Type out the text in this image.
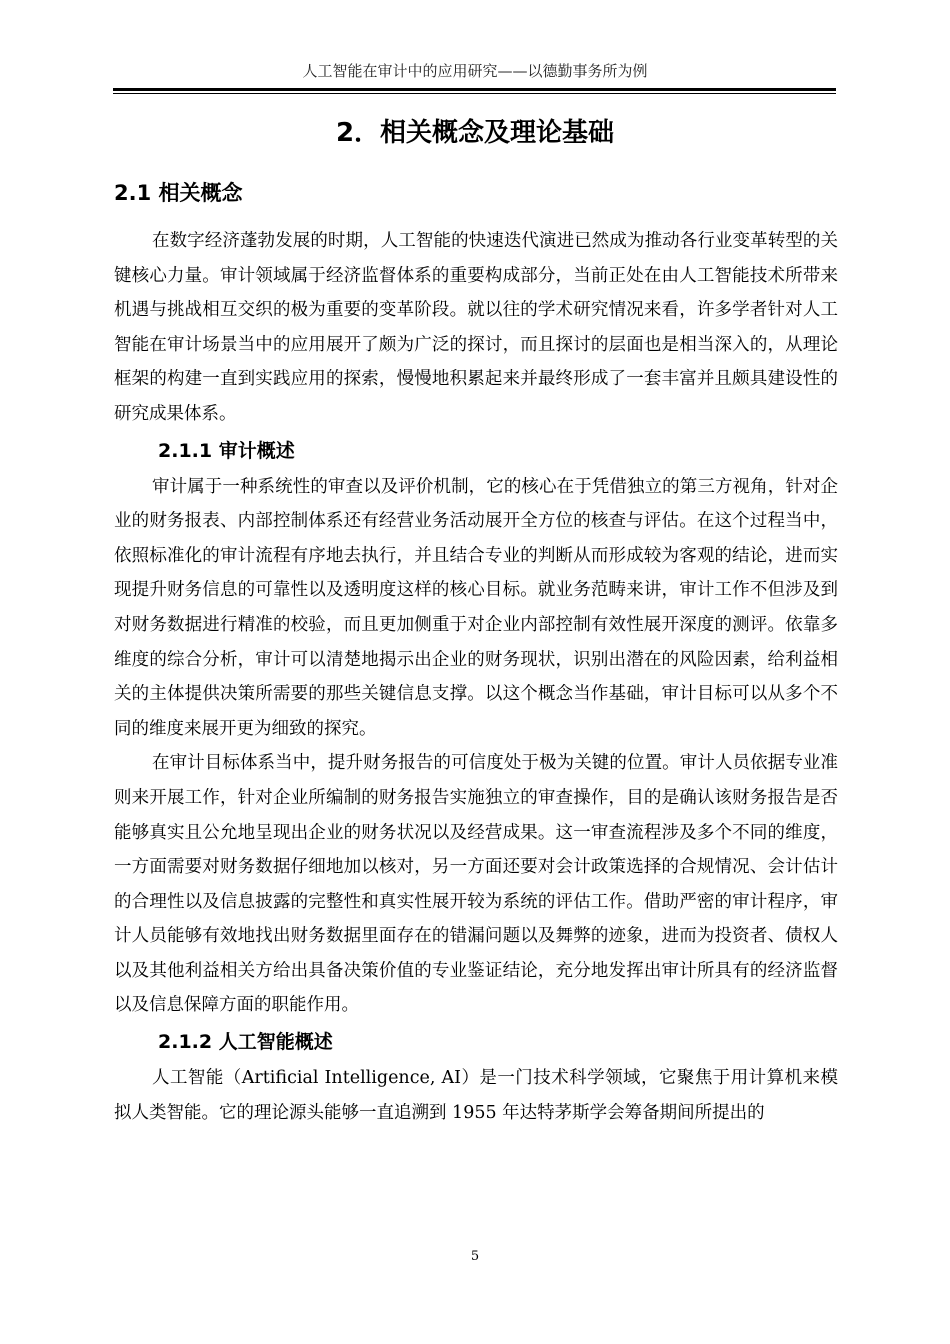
人工智能在审计中的应用研究——以德勤事务所为例
2．相关概念及理论基础
2.1 相关概念

在数字经济蓬勃发展的时期，人工智能的快速迭代演进已然成为推动各行业变革转型的关键核心力量。审计领域属于经济监督体系的重要构成部分，当前正处在由人工智能技术所带来机遇与挑战相互交织的极为重要的变革阶段。就以往的学术研究情况来看，许多学者针对人工智能在审计场景当中的应用展开了颇为广泛的探讨，而且探讨的层面也是相当深入的，从理论框架的构建一直到实践应用的探索，慢慢地积累起来并最终形成了一套丰富并且颇具建设性的研究成果体系。

2.1.1 审计概述

审计属于一种系统性的审查以及评价机制，它的核心在于凭借独立的第三方视角，针对企业的财务报表、内部控制体系还有经营业务活动展开全方位的核查与评估。在这个过程当中，依照标准化的审计流程有序地去执行，并且结合专业的判断从而形成较为客观的结论，进而实现提升财务信息的可靠性以及透明度这样的核心目标。就业务范畴来讲，审计工作不但涉及到对财务数据进行精准的校验，而且更加侧重于对企业内部控制有效性展开深度的测评。依靠多维度的综合分析，审计可以清楚地揭示出企业的财务现状，识别出潜在的风险因素，给利益相关的主体提供决策所需要的那些关键信息支撑。以这个概念当作基础，审计目标可以从多个不同的维度来展开更为细致的探究。

在审计目标体系当中，提升财务报告的可信度处于极为关键的位置。审计人员依据专业准则来开展工作，针对企业所编制的财务报告实施独立的审查操作，目的是确认该财务报告是否能够真实且公允地呈现出企业的财务状况以及经营成果。这一审查流程涉及多个不同的维度，一方面需要对财务数据仔细地加以核对，另一方面还要对会计政策选择的合规情况、会计估计的合理性以及信息披露的完整性和真实性展开较为系统的评估工作。借助严密的审计程序，审计人员能够有效地找出财务数据里面存在的错漏问题以及舞弊的迹象，进而为投资者、债权人以及其他利益相关方给出具备决策价值的专业鉴证结论，充分地发挥出审计所具有的经济监督以及信息保障方面的职能作用。

2.1.2 人工智能概述

人工智能（Artificial Intelligence, AI）是一门技术科学领域，它聚焦于用计算机来模拟人类智能。它的理论源头能够一直追溯到 1955 年达特茅斯学会筹备期间所提出的

5
